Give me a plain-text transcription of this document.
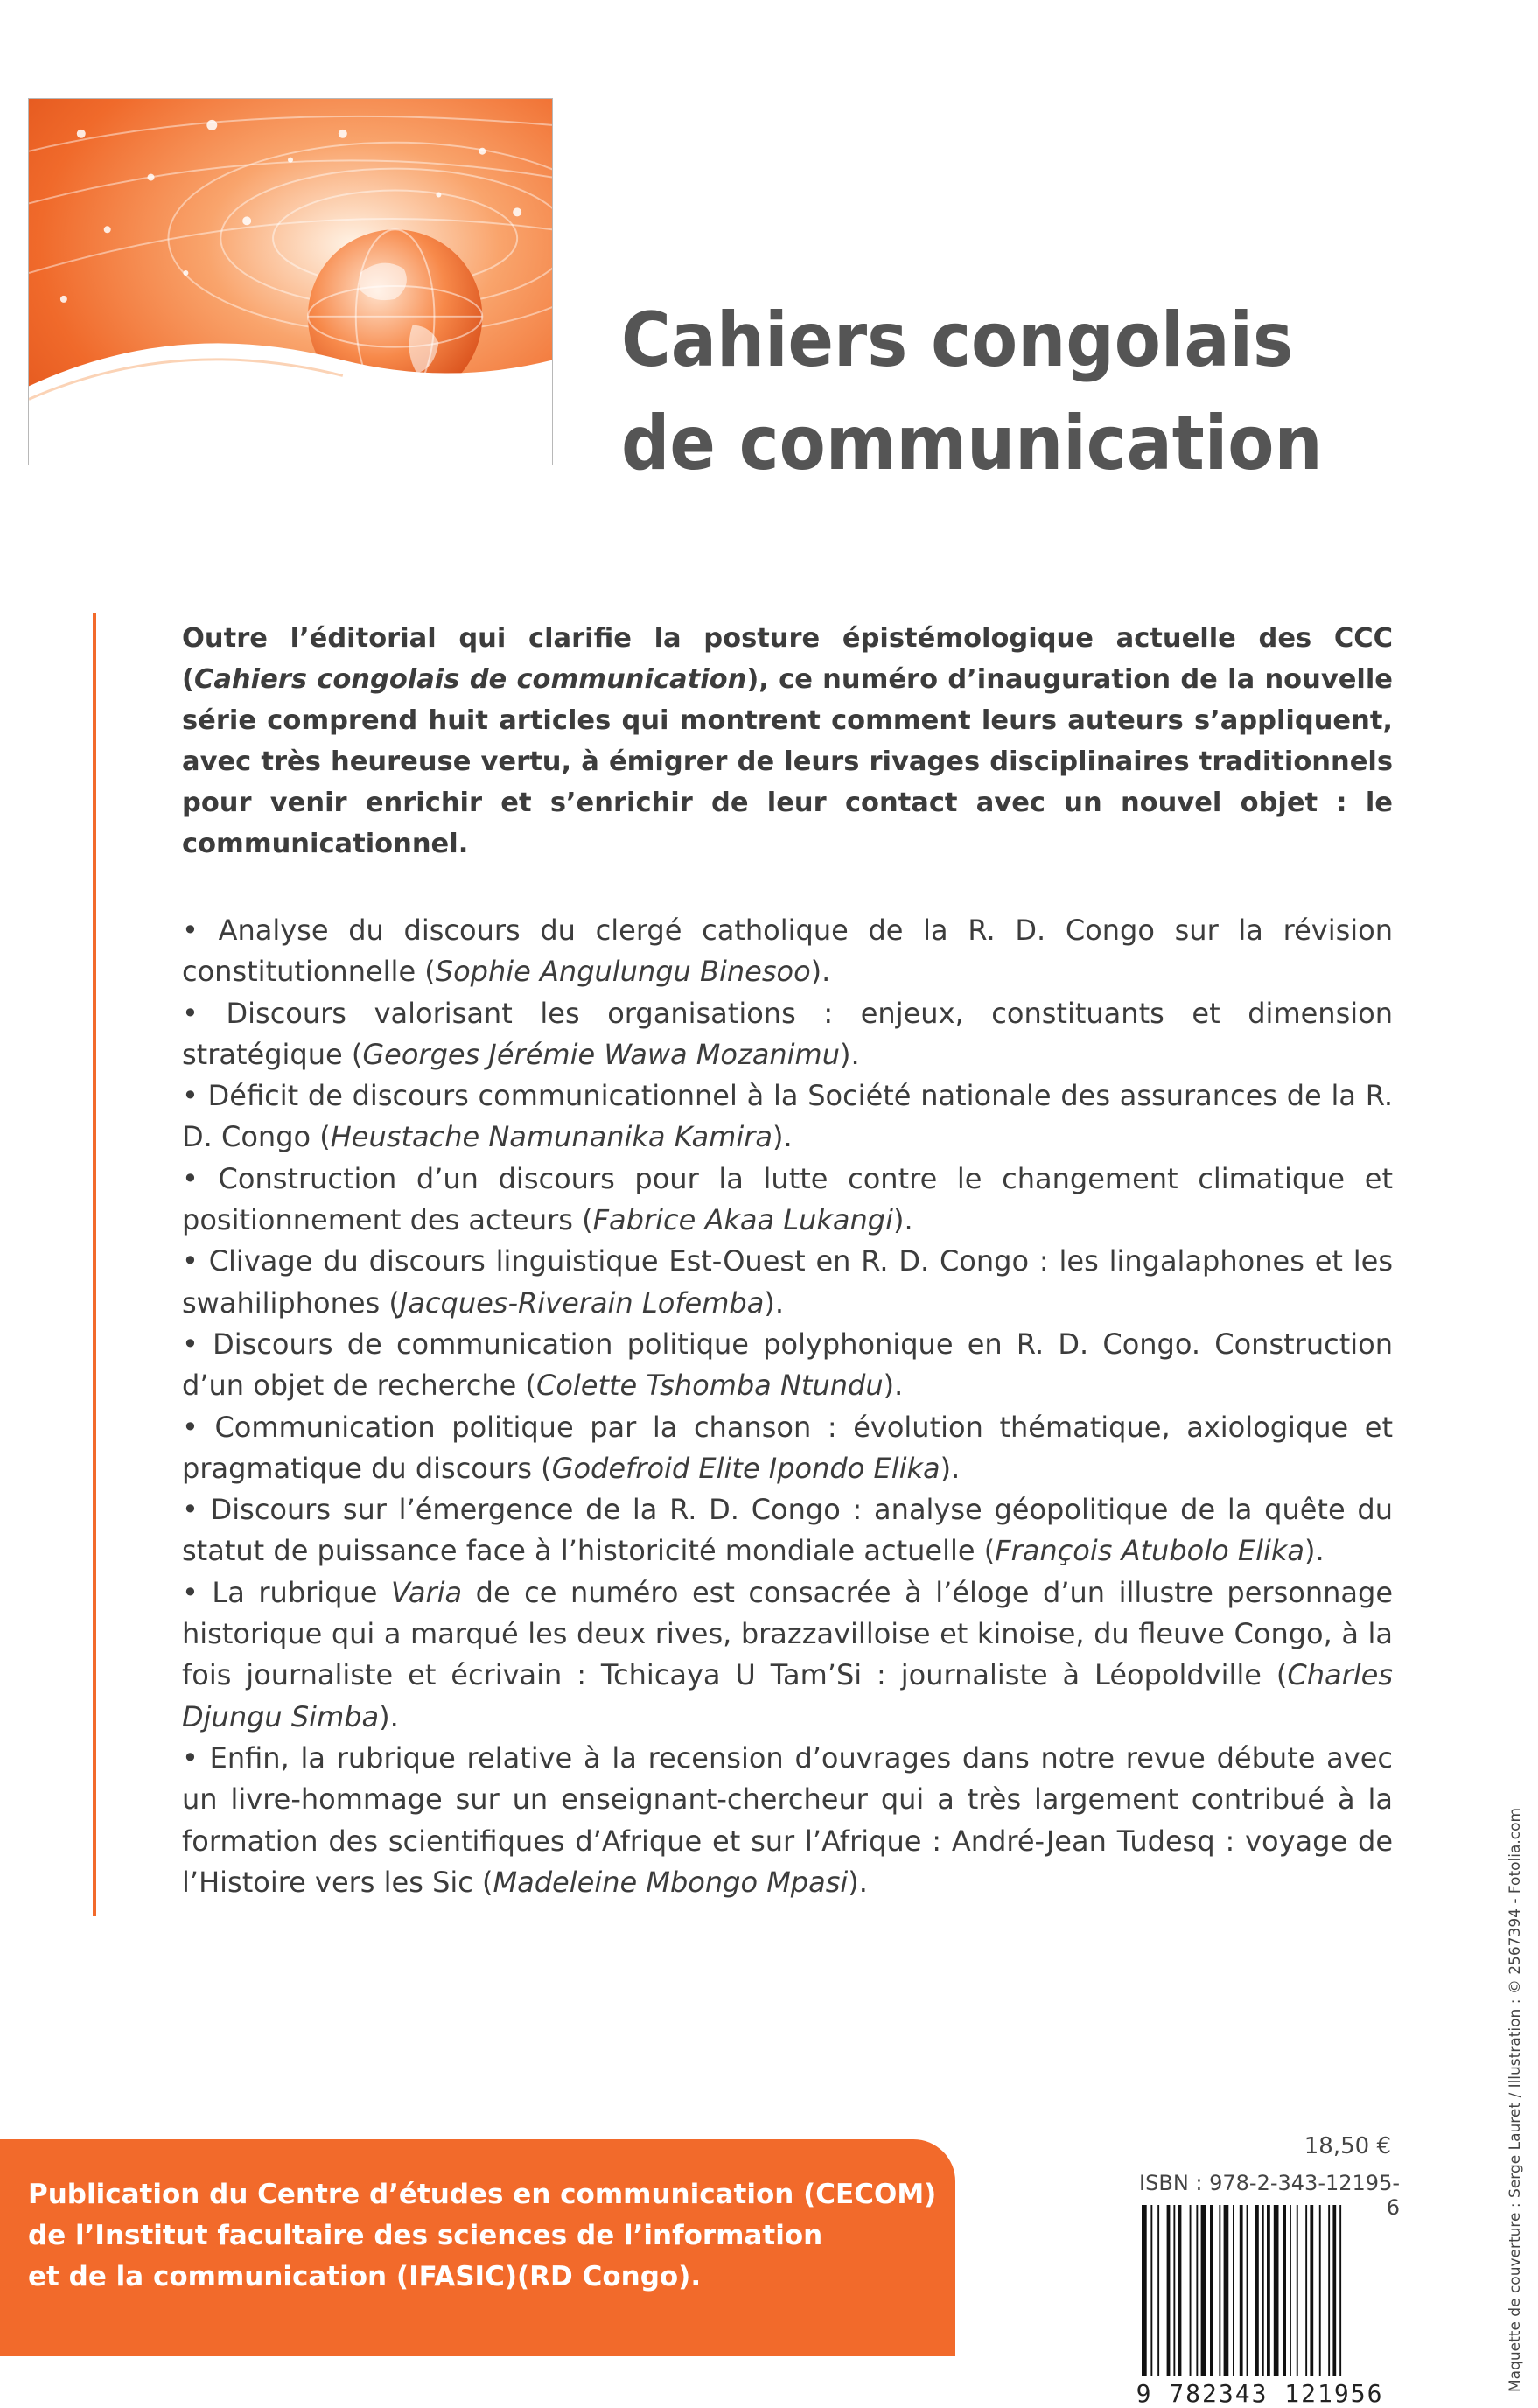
Cahiers congolais
de communication

Outre l’éditorial qui clarifie la posture épistémologique actuelle des CCC (Cahiers congolais de communication), ce numéro d’inauguration de la nouvelle série comprend huit articles qui montrent comment leurs auteurs s’appliquent, avec très heureuse vertu, à émigrer de leurs rivages disciplinaires traditionnels pour venir enrichir et s’enrichir de leur contact avec un nouvel objet : le communicationnel.

• Analyse du discours du clergé catholique de la R. D. Congo sur la révision constitutionnelle (Sophie Angulungu Binesoo).

• Discours valorisant les organisations : enjeux, constituants et dimension stratégique (Georges Jérémie Wawa Mozanimu).

• Déficit de discours communicationnel à la Société nationale des assurances de la R. D. Congo (Heustache Namunanika Kamira).

• Construction d’un discours pour la lutte contre le changement climatique et positionnement des acteurs (Fabrice Akaa Lukangi).

• Clivage du discours linguistique Est-Ouest en R. D. Congo : les lingalaphones et les swahiliphones (Jacques-Riverain Lofemba).

• Discours de communication politique polyphonique en R. D. Congo. Construction d’un objet de recherche (Colette Tshomba Ntundu).

• Communication politique par la chanson : évolution thématique, axiologique et pragmatique du discours (Godefroid Elite Ipondo Elika).

• Discours sur l’émergence de la R. D. Congo : analyse géopolitique de la quête du statut de puissance face à l’historicité mondiale actuelle (François Atubolo Elika).

• La rubrique Varia de ce numéro est consacrée à l’éloge d’un illustre personnage historique qui a marqué les deux rives, brazzavilloise et kinoise, du fleuve Congo, à la fois journaliste et écrivain : Tchicaya U Tam’Si : journaliste à Léopoldville (Charles Djungu Simba).

• Enfin, la rubrique relative à la recension d’ouvrages dans notre revue débute avec un livre-hommage sur un enseignant-chercheur qui a très largement contribué à la formation des scientifiques d’Afrique et sur l’Afrique : André-Jean Tudesq : voyage de l’Histoire vers les Sic (Madeleine Mbongo Mpasi).

18,50 €
ISBN : 978-2-343-12195-6
9 782343 121956
Maquette de couverture : Serge Lauret / Illustration : © 2567394 - Fotolia.com

Publication du Centre d’études en communication (CECOM)
de l’Institut facultaire des sciences de l’information
et de la communication (IFASIC)(RD Congo).
